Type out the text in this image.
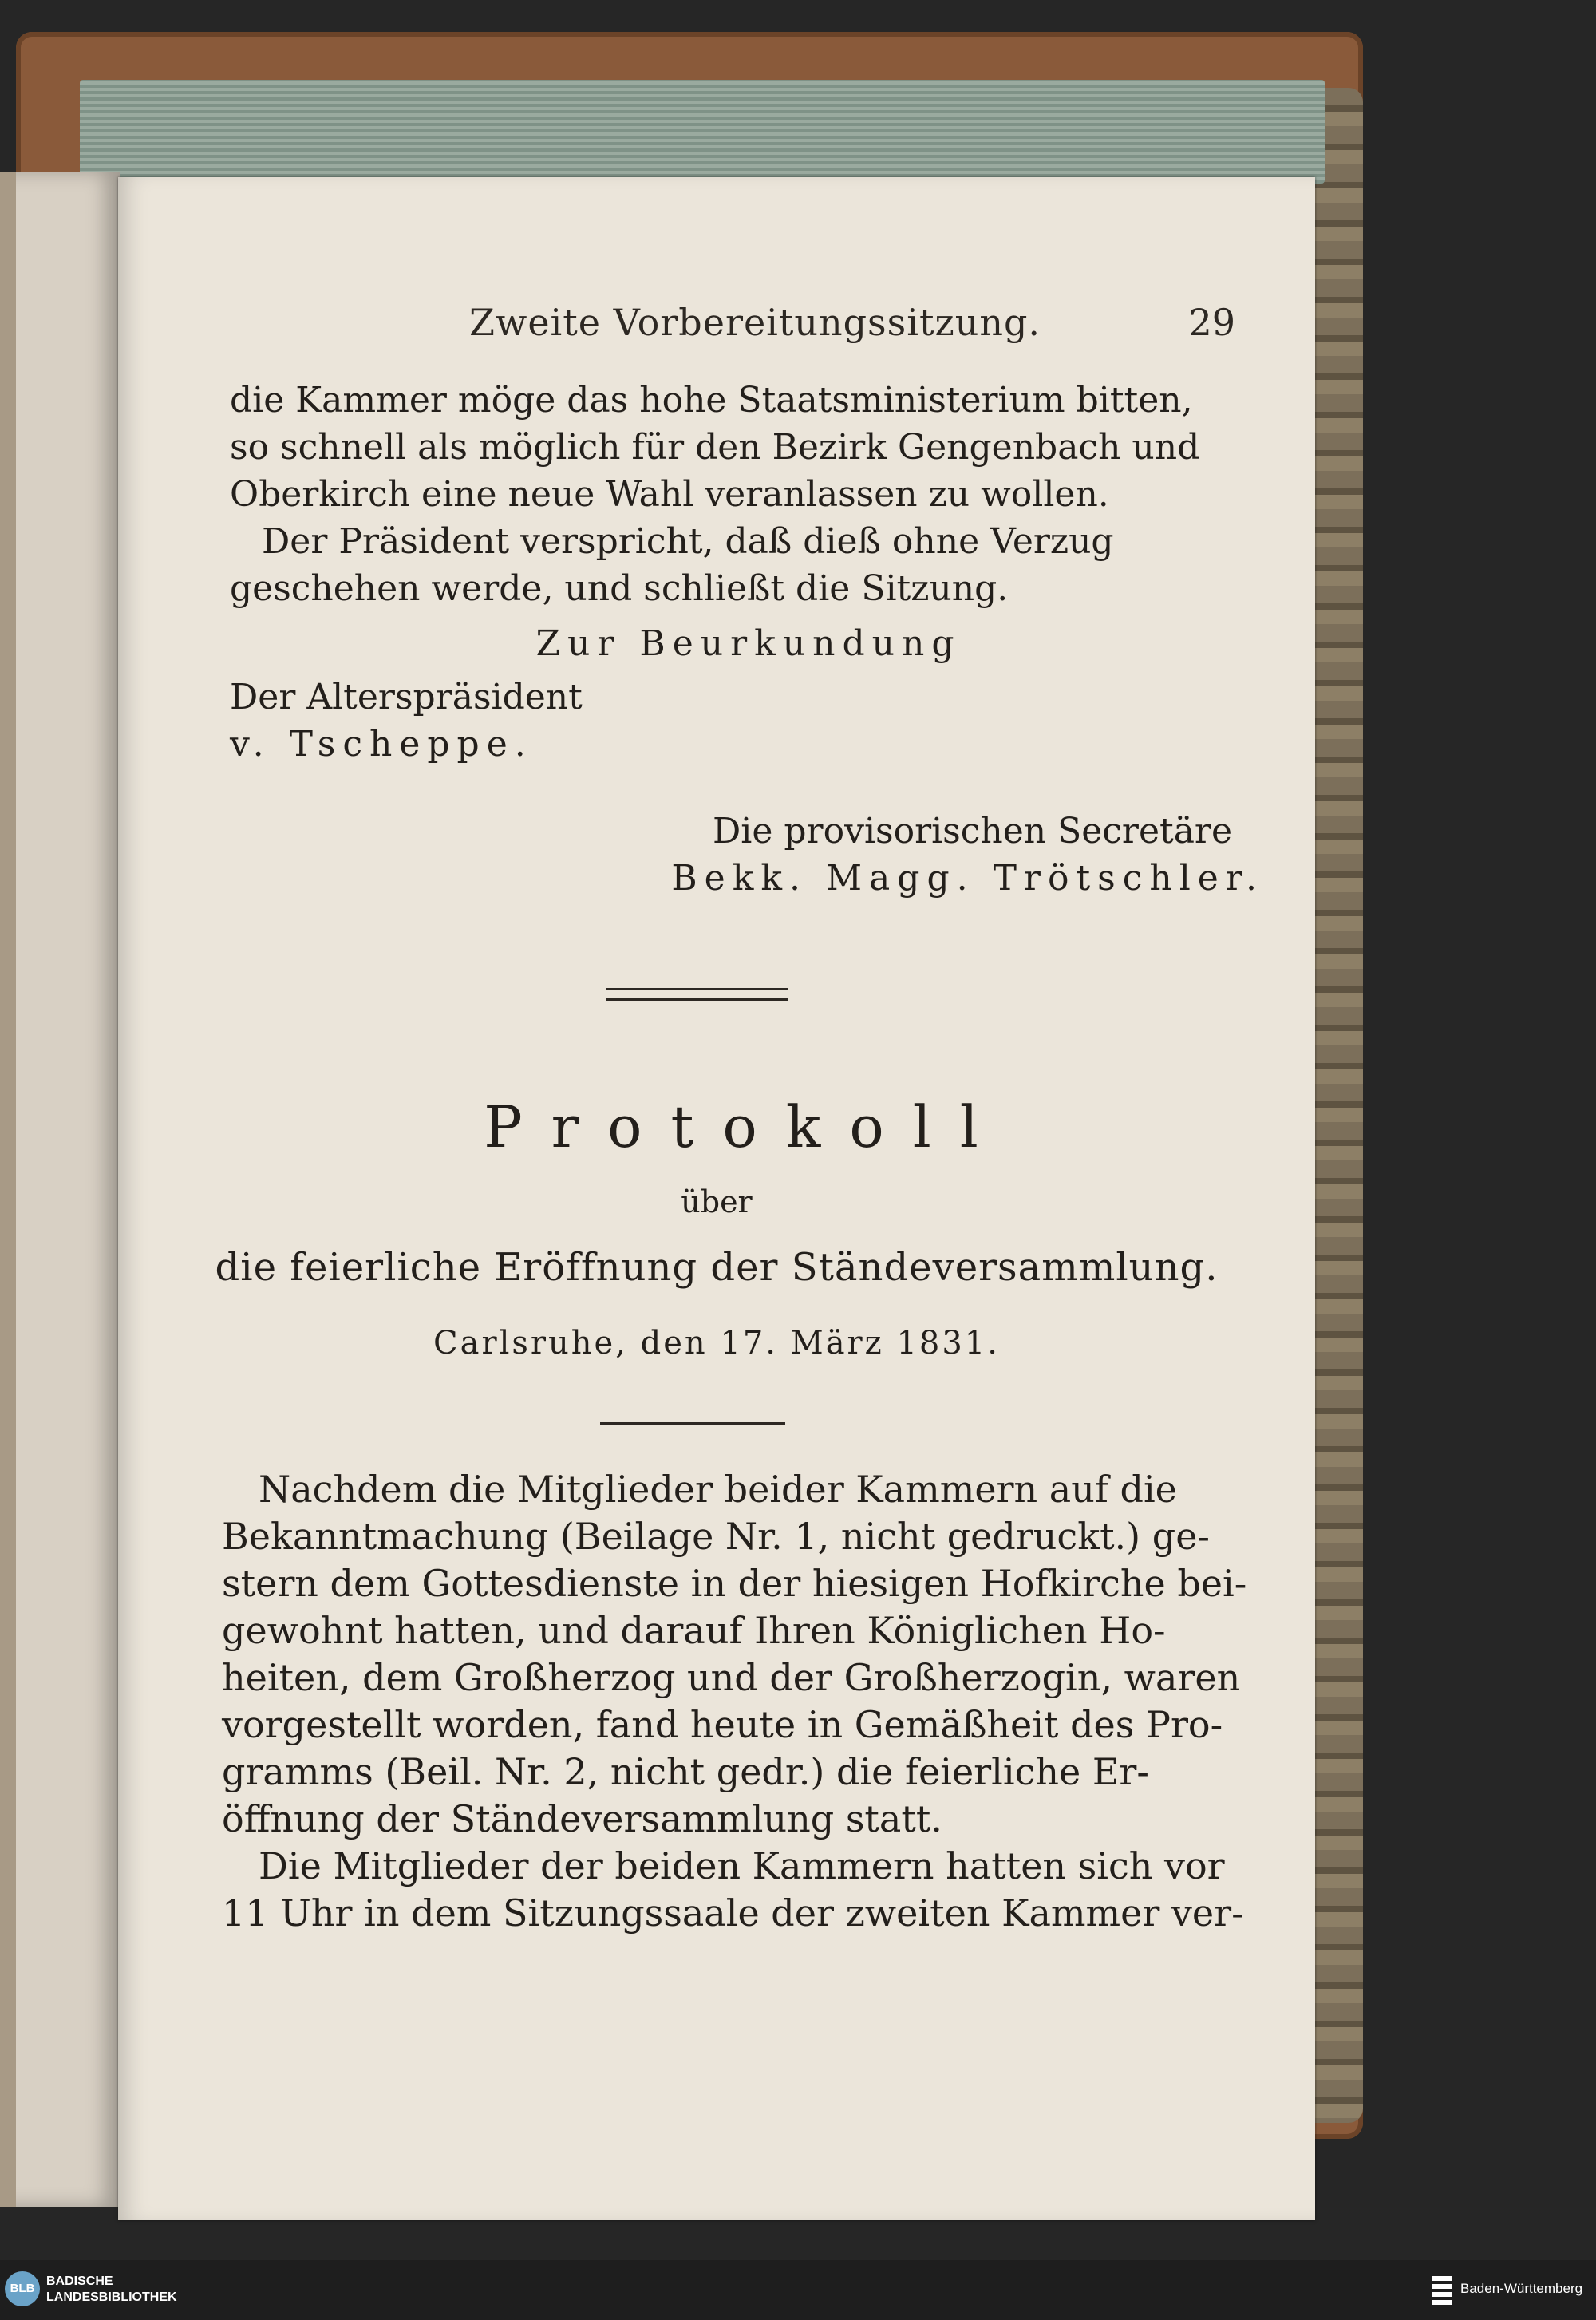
Zweite Vorbereitungssitzung.	29

die Kammer möge das hohe Staatsministerium bitten,

so schnell als möglich für den Bezirk Gengenbach und

Oberkirch eine neue Wahl veranlassen zu wollen.

Der Präsident verspricht, daß dieß ohne Verzug

geschehen werde, und schließt die Sitzung.

Zur Beurkundung
Der Alterspräsident
v. Tscheppe.
Die provisorischen Secretäre
Bekk. Magg. Trötschler.
Protokoll
über
die feierliche Eröffnung der Ständeversammlung.
Carlsruhe, den 17. März 1831.

Nachdem die Mitglieder beider Kammern auf die

Bekanntmachung (Beilage Nr. 1, nicht gedruckt.) ge-

stern dem Gottesdienste in der hiesigen Hofkirche bei-

gewohnt hatten, und darauf Ihren Königlichen Ho-

heiten, dem Großherzog und der Großherzogin, waren

vorgestellt worden, fand heute in Gemäßheit des Pro-

gramms (Beil. Nr. 2, nicht gedr.) die feierliche Er-

öffnung der Ständeversammlung statt.

Die Mitglieder der beiden Kammern hatten sich vor

11 Uhr in dem Sitzungssaale der zweiten Kammer ver-

BLB
BADISCHE
LANDESBIBLIOTHEK
Baden-Württemberg
